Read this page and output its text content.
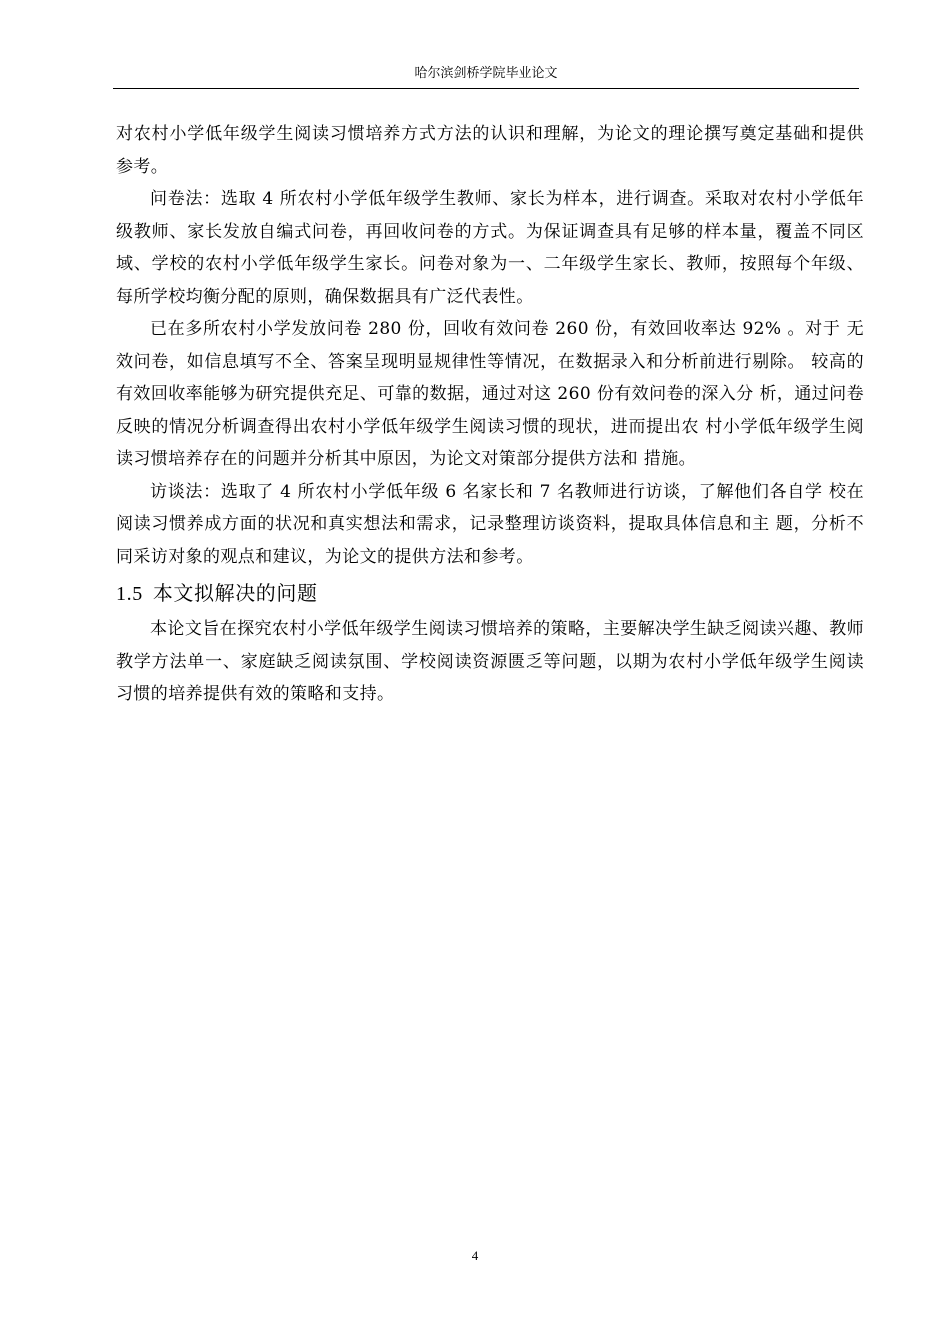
哈尔滨剑桥学院毕业论文

对农村小学低年级学生阅读习惯培养方式方法的认识和理解，为论文的理论撰写奠定基础和提供参考。

问卷法：选取 4 所农村小学低年级学生教师、家长为样本，进行调查。采取对农村小学低年级教师、家长发放自编式问卷，再回收问卷的方式。为保证调查具有足够的样本量，覆盖不同区域、学校的农村小学低年级学生家长。问卷对象为一、二年级学生家长、教师，按照每个年级、每所学校均衡分配的原则，确保数据具有广泛代表性。

已在多所农村小学发放问卷 280 份，回收有效问卷 260 份，有效回收率达 92% 。对于 无效问卷，如信息填写不全、答案呈现明显规律性等情况，在数据录入和分析前进行剔除。 较高的有效回收率能够为研究提供充足、可靠的数据，通过对这 260 份有效问卷的深入分 析，通过问卷反映的情况分析调查得出农村小学低年级学生阅读习惯的现状，进而提出农 村小学低年级学生阅读习惯培养存在的问题并分析其中原因，为论文对策部分提供方法和 措施。

访谈法：选取了 4 所农村小学低年级 6 名家长和 7 名教师进行访谈，了解他们各自学 校在阅读习惯养成方面的状况和真实想法和需求，记录整理访谈资料，提取具体信息和主 题，分析不同采访对象的观点和建议，为论文的提供方法和参考。

1.5 本文拟解决的问题

本论文旨在探究农村小学低年级学生阅读习惯培养的策略，主要解决学生缺乏阅读兴趣、教师教学方法单一、家庭缺乏阅读氛围、学校阅读资源匮乏等问题，以期为农村小学低年级学生阅读习惯的培养提供有效的策略和支持。

4
